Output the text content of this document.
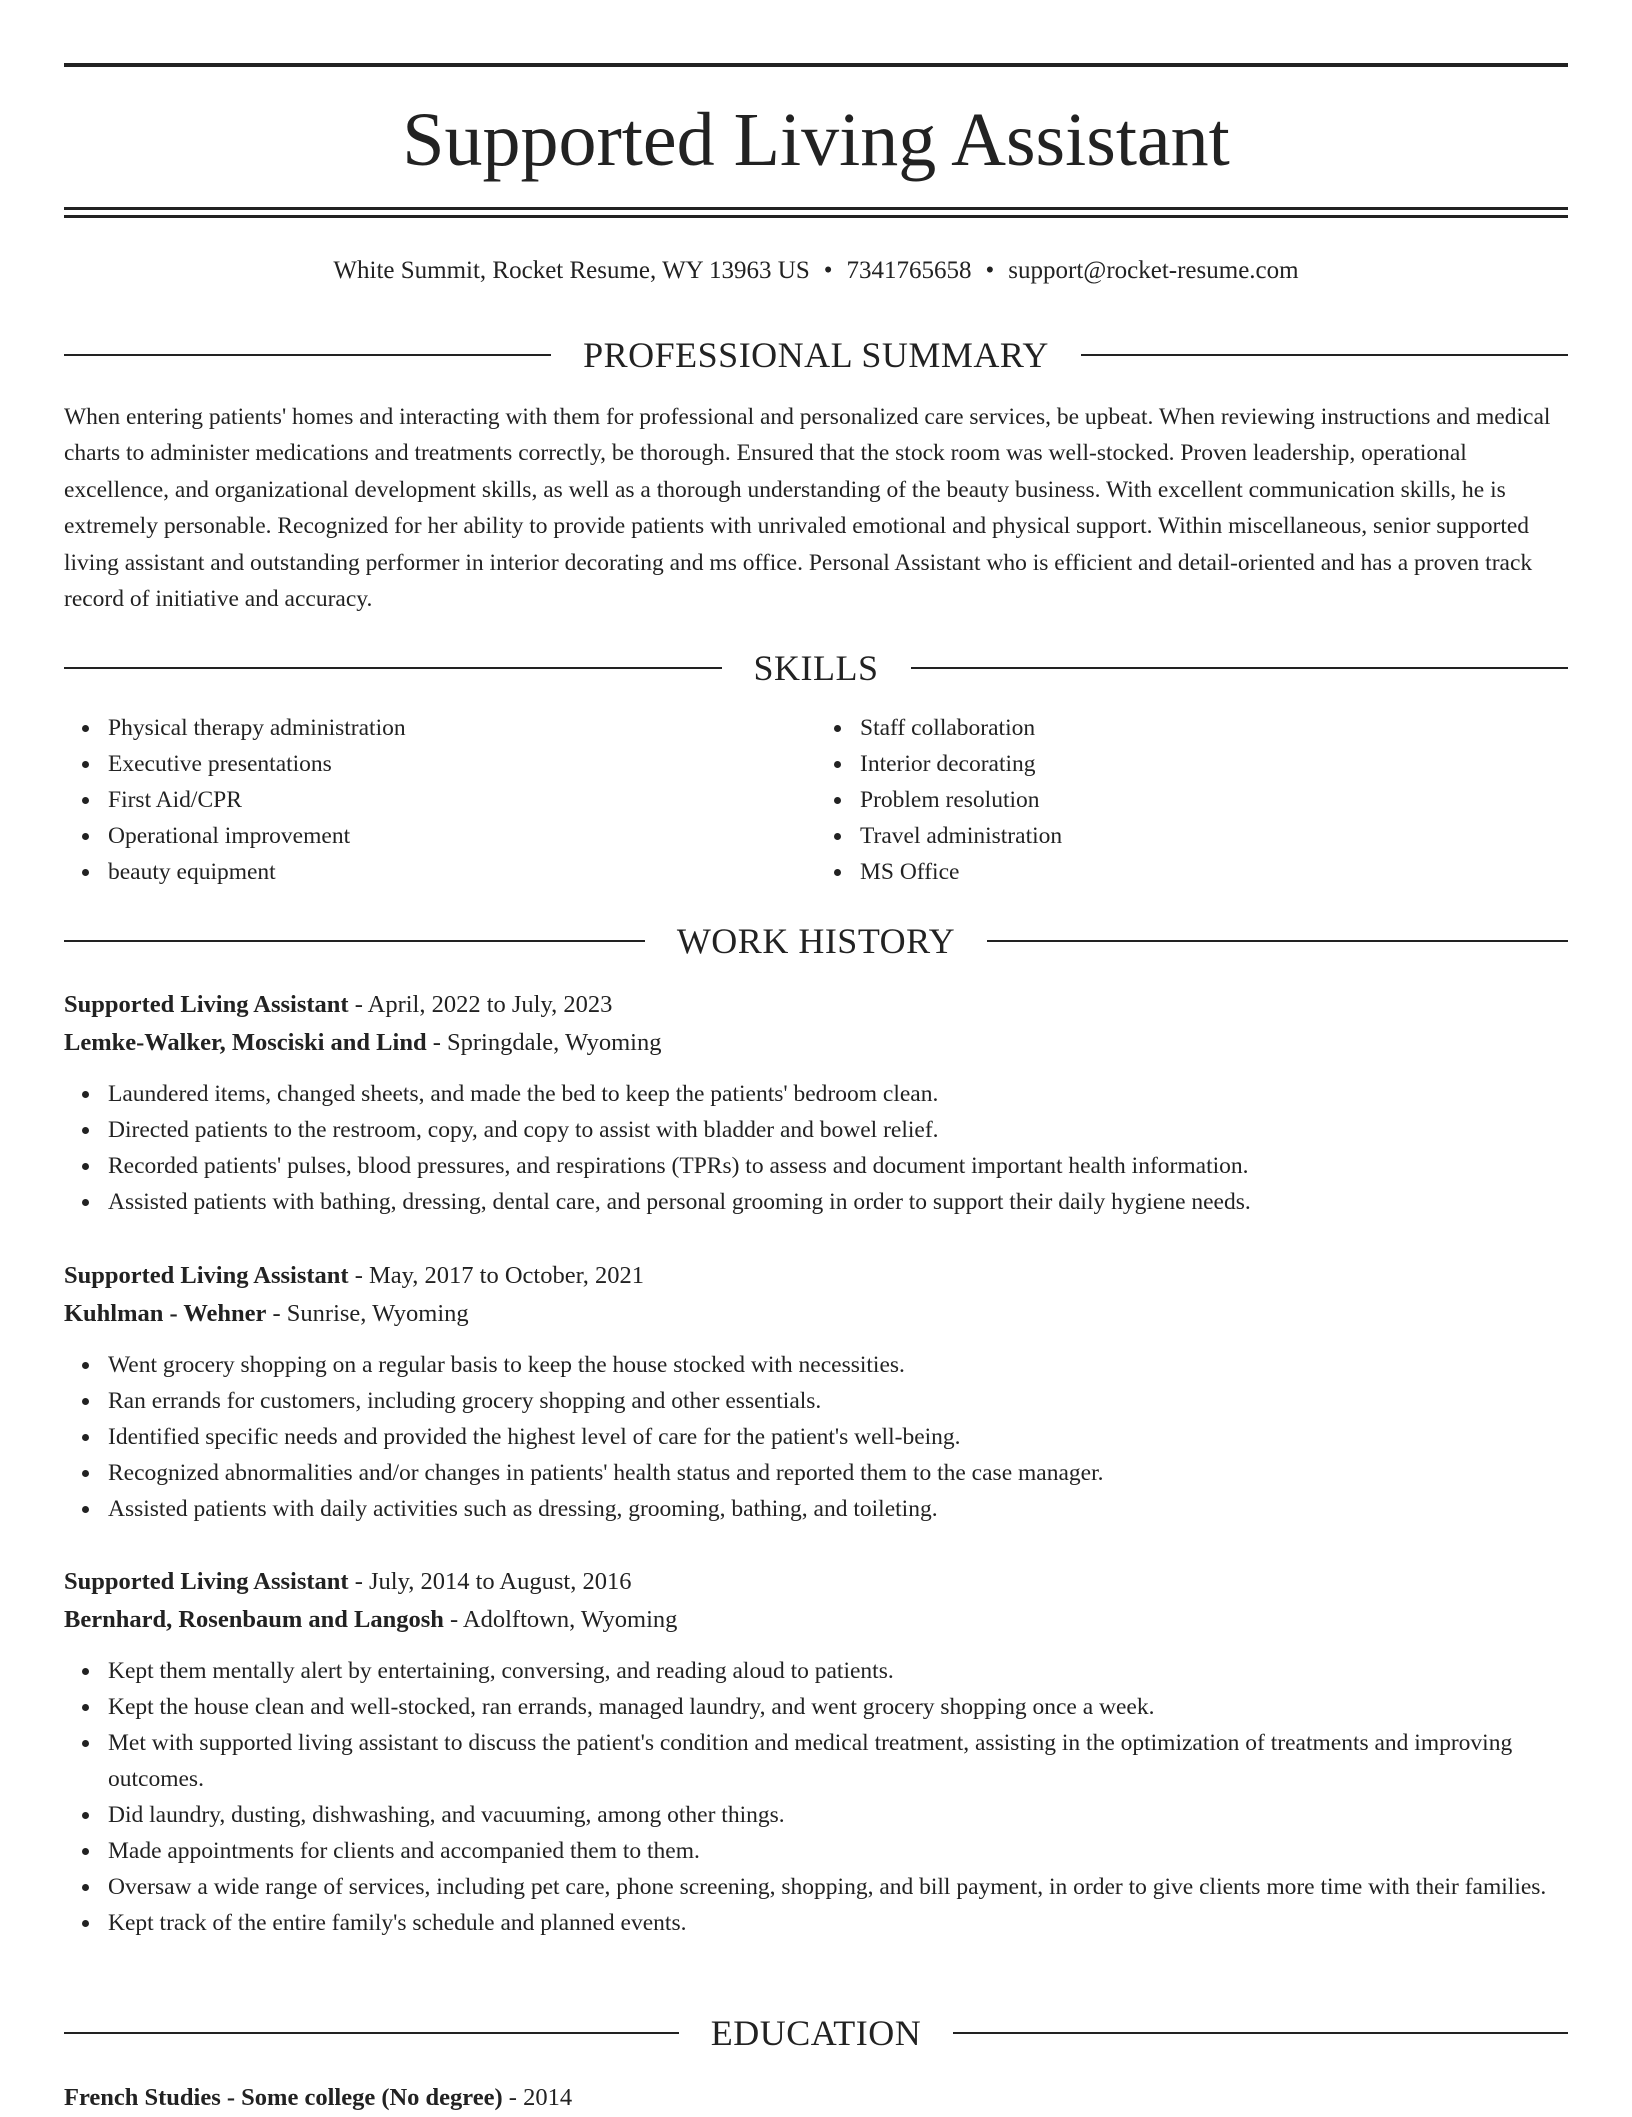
Supported Living Assistant
White Summit, Rocket Resume, WY 13963 US • 7341765658 • support@rocket-resume.com
PROFESSIONAL SUMMARY

When entering patients' homes and interacting with them for professional and personalized care services, be upbeat. When reviewing instructions and medical charts to administer medications and treatments correctly, be thorough. Ensured that the stock room was well-stocked. Proven leadership, operational excellence, and organizational development skills, as well as a thorough understanding of the beauty business. With excellent communication skills, he is extremely personable. Recognized for her ability to provide patients with unrivaled emotional and physical support. Within miscellaneous, senior supported living assistant and outstanding performer in interior decorating and ms office. Personal Assistant who is efficient and detail-oriented and has a proven track record of initiative and accuracy.

SKILLS
Physical therapy administration
Executive presentations
First Aid/CPR
Operational improvement
beauty equipment
Staff collaboration
Interior decorating
Problem resolution
Travel administration
MS Office
WORK HISTORY
Supported Living Assistant - April, 2022 to July, 2023
Lemke-Walker, Mosciski and Lind - Springdale, Wyoming
Laundered items, changed sheets, and made the bed to keep the patients' bedroom clean.
Directed patients to the restroom, copy, and copy to assist with bladder and bowel relief.
Recorded patients' pulses, blood pressures, and respirations (TPRs) to assess and document important health information.
Assisted patients with bathing, dressing, dental care, and personal grooming in order to support their daily hygiene needs.
Supported Living Assistant - May, 2017 to October, 2021
Kuhlman - Wehner - Sunrise, Wyoming
Went grocery shopping on a regular basis to keep the house stocked with necessities.
Ran errands for customers, including grocery shopping and other essentials.
Identified specific needs and provided the highest level of care for the patient's well-being.
Recognized abnormalities and/or changes in patients' health status and reported them to the case manager.
Assisted patients with daily activities such as dressing, grooming, bathing, and toileting.
Supported Living Assistant - July, 2014 to August, 2016
Bernhard, Rosenbaum and Langosh - Adolftown, Wyoming
Kept them mentally alert by entertaining, conversing, and reading aloud to patients.
Kept the house clean and well-stocked, ran errands, managed laundry, and went grocery shopping once a week.
Met with supported living assistant to discuss the patient's condition and medical treatment, assisting in the optimization of treatments and improving outcomes.
Did laundry, dusting, dishwashing, and vacuuming, among other things.
Made appointments for clients and accompanied them to them.
Oversaw a wide range of services, including pet care, phone screening, shopping, and bill payment, in order to give clients more time with their families.
Kept track of the entire family's schedule and planned events.
EDUCATION
French Studies - Some college (No degree) - 2014
